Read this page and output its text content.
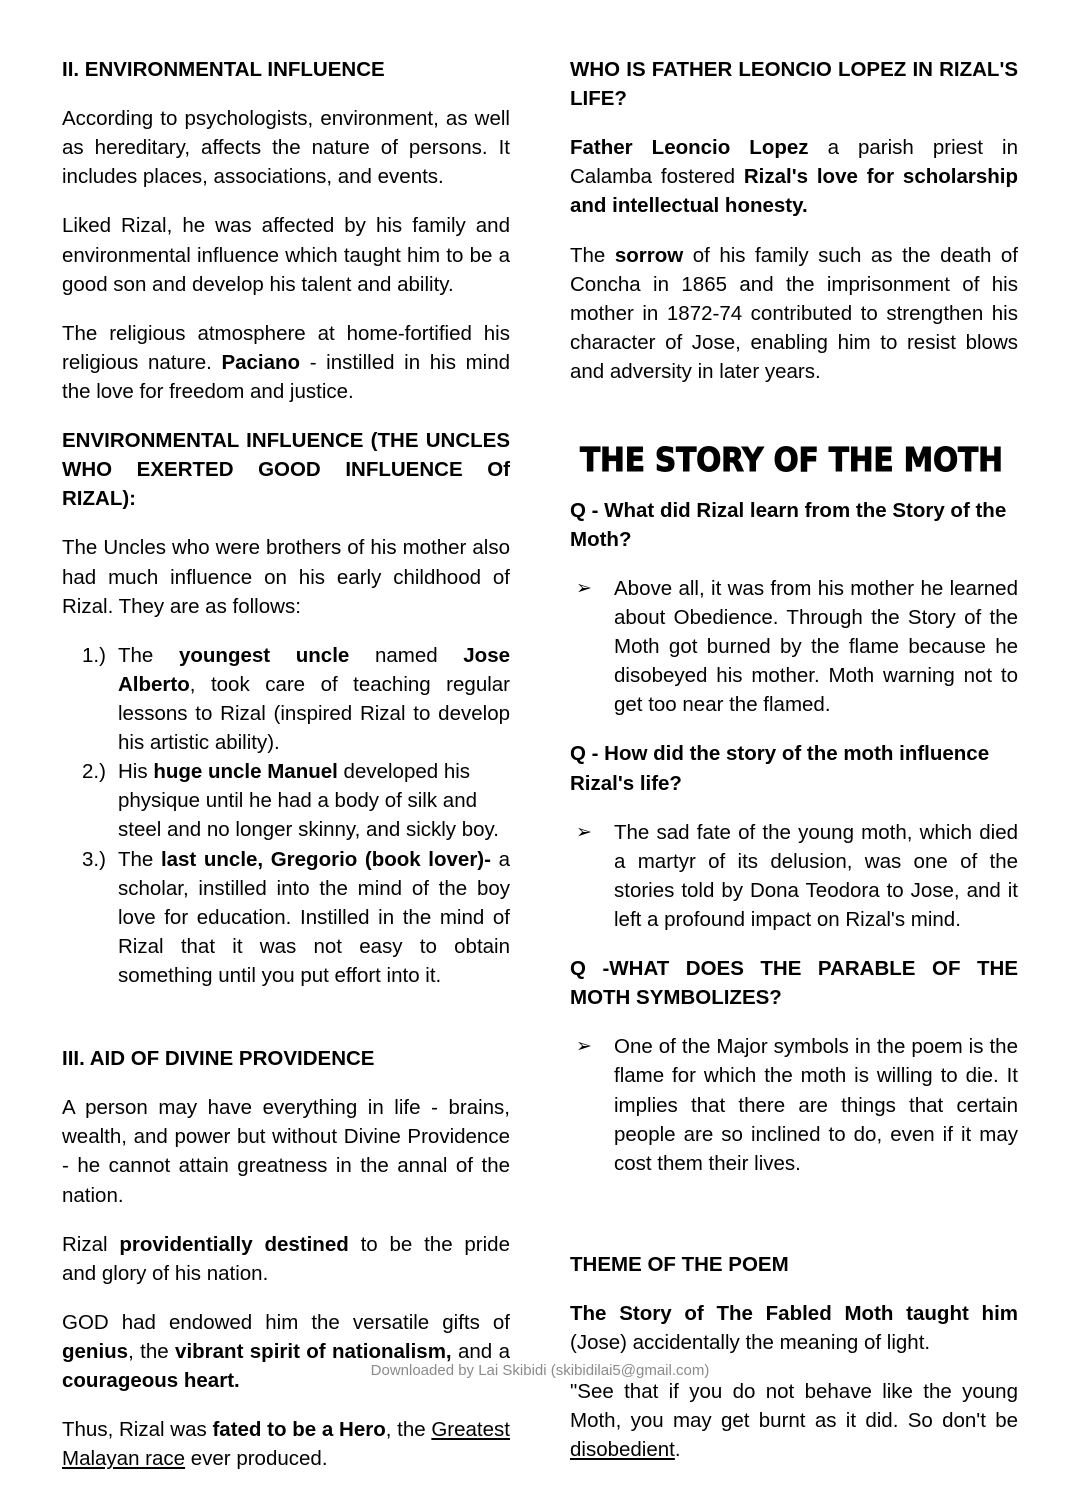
II. ENVIRONMENTAL INFLUENCE

According to psychologists, environment, as well as hereditary, affects the nature of persons. It includes places, associations, and events.

Liked Rizal, he was affected by his family and environmental influence which taught him to be a good son and develop his talent and ability.

The religious atmosphere at home-fortified his religious nature. Paciano - instilled in his mind the love for freedom and justice.

ENVIRONMENTAL INFLUENCE (THE UNCLES WHO EXERTED GOOD INFLUENCE Of RIZAL):

The Uncles who were brothers of his mother also had much influence on his early childhood of Rizal. They are as follows:

1.) The youngest uncle named Jose Alberto, took care of teaching regular lessons to Rizal (inspired Rizal to develop his artistic ability).
2.) His huge uncle Manuel developed his physique until he had a body of silk and steel and no longer skinny, and sickly boy.
3.) The last uncle, Gregorio (book lover)- a scholar, instilled into the mind of the boy love for education. Instilled in the mind of Rizal that it was not easy to obtain something until you put effort into it.
III. AID OF DIVINE PROVIDENCE

A person may have everything in life - brains, wealth, and power but without Divine Providence - he cannot attain greatness in the annal of the nation.

Rizal providentially destined to be the pride and glory of his nation.

GOD had endowed him the versatile gifts of genius, the vibrant spirit of nationalism, and a courageous heart.

Thus, Rizal was fated to be a Hero, the Greatest Malayan race ever produced.

WHO IS FATHER LEONCIO LOPEZ IN RIZAL'S LIFE?

Father Leoncio Lopez a parish priest in Calamba fostered Rizal's love for scholarship and intellectual honesty.

The sorrow of his family such as the death of Concha in 1865 and the imprisonment of his mother in 1872-74 contributed to strengthen his character of Jose, enabling him to resist blows and adversity in later years.

THE STORY OF THE MOTH
Q - What did Rizal learn from the Story of the Moth?
➢ Above all, it was from his mother he learned about Obedience. Through the Story of the Moth got burned by the flame because he disobeyed his mother. Moth warning not to get too near the flamed.
Q - How did the story of the moth influence Rizal's life?
➢ The sad fate of the young moth, which died a martyr of its delusion, was one of the stories told by Dona Teodora to Jose, and it left a profound impact on Rizal's mind.
Q -WHAT DOES THE PARABLE OF THE MOTH SYMBOLIZES?
➢ One of the Major symbols in the poem is the flame for which the moth is willing to die. It implies that there are things that certain people are so inclined to do, even if it may cost them their lives.
THEME OF THE POEM

The Story of The Fabled Moth taught him (Jose) accidentally the meaning of light.

"See that if you do not behave like the young Moth, you may get burnt as it did. So don't be disobedient.

Downloaded by Lai Skibidi (skibidilai5@gmail.com)
